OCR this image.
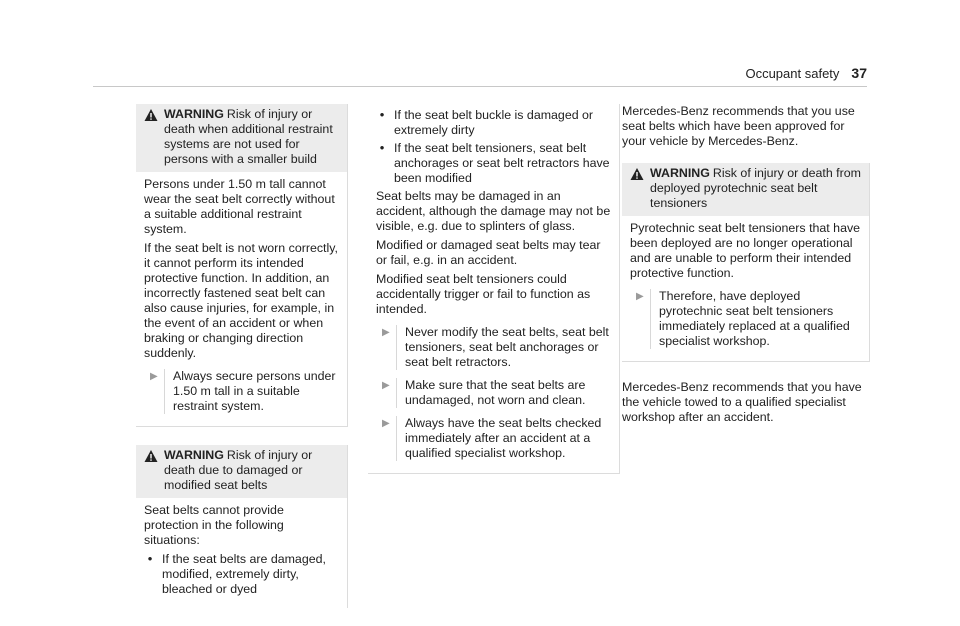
Occupant safety 37
WARNING Risk of injury or death when additional restraint systems are not used for persons with a smaller build

Persons under 1.50 m tall cannot wear the seat belt correctly without a suitable additional restraint system.

If the seat belt is not worn correctly, it cannot perform its intended protective function. In addition, an incorrectly fastened seat belt can also cause injuries, for example, in the event of an accident or when braking or changing direction suddenly.

▶	Always secure persons under 1.50 m tall in a suitable restraint system.
WARNING Risk of injury or death due to damaged or modified seat belts

Seat belts cannot provide protection in the following situations:

• If the seat belts are damaged, modified, extremely dirty, bleached or dyed
• If the seat belt buckle is damaged or extremely dirty
• If the seat belt tensioners, seat belt anchorages or seat belt retractors have been modified

Seat belts may be damaged in an accident, although the damage may not be visible, e.g. due to splinters of glass.

Modified or damaged seat belts may tear or fail, e.g. in an accident.

Modified seat belt tensioners could accidentally trigger or fail to function as intended.

▶	Never modify the seat belts, seat belt tensioners, seat belt anchorages or seat belt retractors.
▶	Make sure that the seat belts are undamaged, not worn and clean.
▶	Always have the seat belts checked immediately after an accident at a qualified specialist workshop.

Mercedes-Benz recommends that you use seat belts which have been approved for your vehicle by Mercedes-Benz.

WARNING Risk of injury or death from deployed pyrotechnic seat belt tensioners

Pyrotechnic seat belt tensioners that have been deployed are no longer operational and are unable to perform their intended protective function.

▶	Therefore, have deployed pyrotechnic seat belt tensioners immediately replaced at a qualified specialist workshop.

Mercedes-Benz recommends that you have the vehicle towed to a qualified specialist workshop after an accident.
